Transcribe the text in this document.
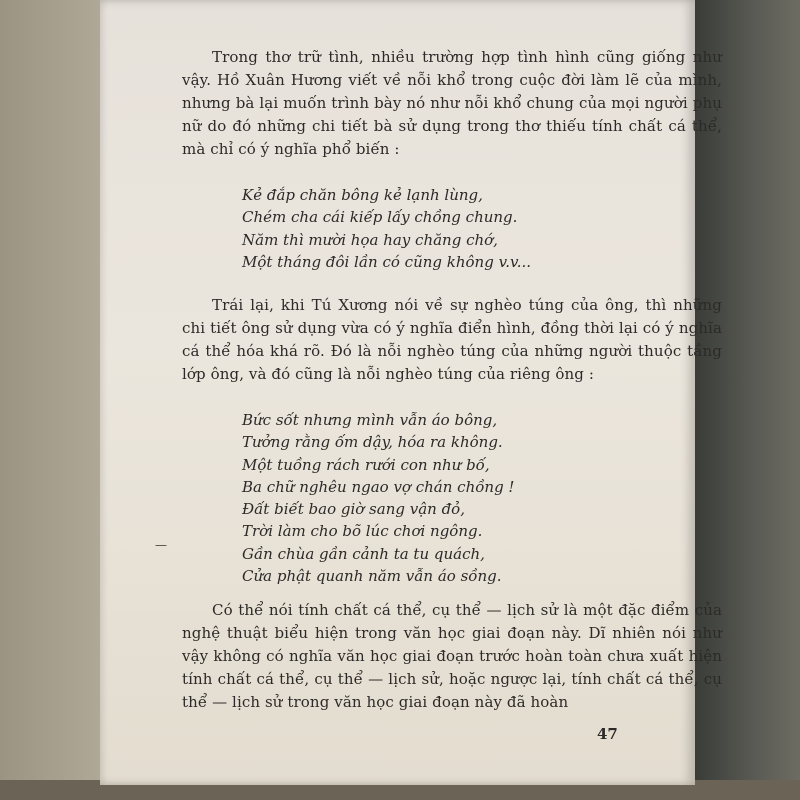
Trong thơ trữ tình, nhiều trường hợp tình hình cũng giống như vậy. Hồ Xuân Hương viết về nỗi khổ trong cuộc đời làm lẽ của mình, nhưng bà lại muốn trình bày nó như nỗi khổ chung của mọi người phụ nữ do đó những chi tiết bà sử dụng trong thơ thiếu tính chất cá thể, mà chỉ có ý nghĩa phổ biến :
Kẻ đắp chăn bông kẻ lạnh lùng,
Chém cha cái kiếp lấy chồng chung.
Năm thì mười họa hay chăng chớ,
Một tháng đôi lần có cũng không v.v...
Trái lại, khi Tú Xương nói về sự nghèo túng của ông, thì những chi tiết ông sử dụng vừa có ý nghĩa điển hình, đồng thời lại có ý nghĩa cá thể hóa khá rõ. Đó là nỗi nghèo túng của những người thuộc tầng lớp ông, và đó cũng là nỗi nghèo túng của riêng ông :
Bức sốt nhưng mình vẫn áo bông,
Tưởng rằng ốm dậy, hóa ra không.
Một tuồng rách rưới con như bố,
Ba chữ nghêu ngao vợ chán chồng !
Đất biết bao giờ sang vận đỏ,
Trời làm cho bõ lúc chơi ngông.
Gần chùa gần cảnh ta tu quách,
Cửa phật quanh năm vẫn áo sồng.
—
Có thể nói tính chất cá thể, cụ thể — lịch sử là một đặc điểm của nghệ thuật biểu hiện trong văn học giai đoạn này. Dĩ nhiên nói như vậy không có nghĩa văn học giai đoạn trước hoàn toàn chưa xuất hiện tính chất cá thể, cụ thể — lịch sử, hoặc ngược lại, tính chất cá thể, cụ thể — lịch sử trong văn học giai đoạn này đã hoàn
47
